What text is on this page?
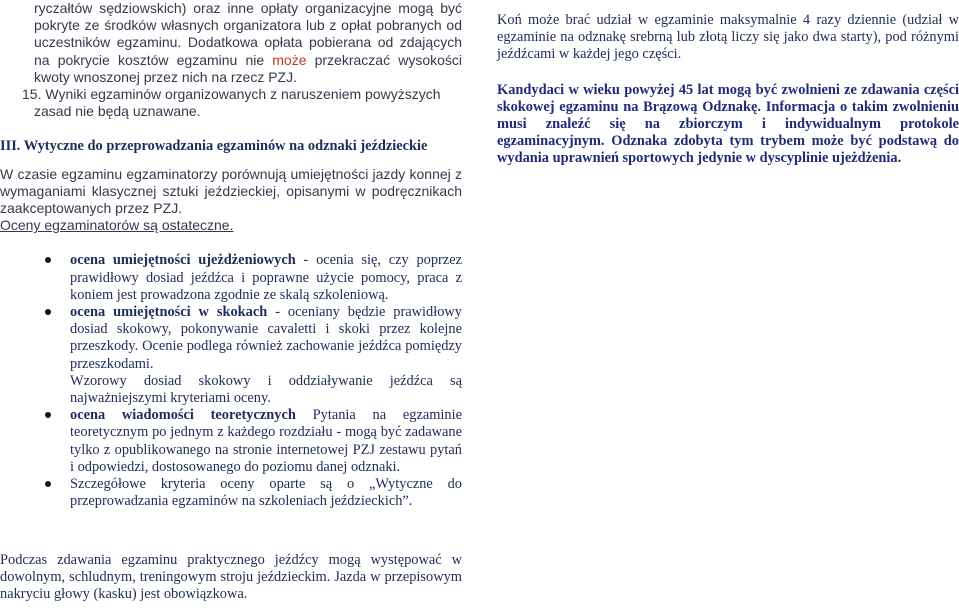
ryczałtów sędziowskich) oraz inne opłaty organizacyjne mogą być pokryte ze środków własnych organizatora lub z opłat pobranych od uczestników egzaminu. Dodatkowa opłata pobierana od zdających na pokrycie kosztów egzaminu nie może przekraczać wysokości kwoty wnoszonej przez nich na rzecz PZJ.

15. Wyniki egzaminów organizowanych z naruszeniem powyższych zasad nie będą uznawane.

III. Wytyczne do przeprowadzania egzaminów na odznaki jeździeckie

W czasie egzaminu egzaminatorzy porównują umiejętności jazdy konnej z wymaganiami klasycznej sztuki jeździeckiej, opisanymi w podręcznikach zaakceptowanych przez PZJ.

Oceny egzaminatorów są ostateczne.

ocena umiejętności ujeżdżeniowych - ocenia się, czy poprzez prawidłowy dosiad jeźdźca i poprawne użycie pomocy, praca z koniem jest prowadzona zgodnie ze skalą szkoleniową.
ocena umiejętności w skokach - oceniany będzie prawidłowy dosiad skokowy, pokonywanie cavaletti i skoki przez kolejne przeszkody. Ocenie podlega również zachowanie jeźdźca pomiędzy przeszkodami.
Wzorowy dosiad skokowy i oddziaływanie jeźdźca są najważniejszymi kryteriami oceny.
ocena wiadomości teoretycznych Pytania na egzaminie teoretycznym po jednym z każdego rozdziału - mogą być zadawane tylko z opublikowanego na stronie internetowej PZJ zestawu pytań i odpowiedzi, dostosowanego do poziomu danej odznaki.
Szczegółowe kryteria oceny oparte są o „Wytyczne do przeprowadzania egzaminów na szkoleniach jeździeckich”.

Podczas zdawania egzaminu praktycznego jeźdźcy mogą występować w dowolnym, schludnym, treningowym stroju jeździeckim. Jazda w przepisowym nakryciu głowy (kasku) jest obowiązkowa.

Koń może brać udział w egzaminie maksymalnie 4 razy dziennie (udział w egzaminie na odznakę srebrną lub złotą liczy się jako dwa starty), pod różnymi jeźdźcami w każdej jego części.

Kandydaci w wieku powyżej 45 lat mogą być zwolnieni ze zdawania części skokowej egzaminu na Brązową Odznakę. Informacja o takim zwolnieniu musi znaleźć się na zbiorczym i indywidualnym protokole egzaminacyjnym. Odznaka zdobyta tym trybem może być podstawą do wydania uprawnień sportowych jedynie w dyscyplinie ujeżdżenia.
